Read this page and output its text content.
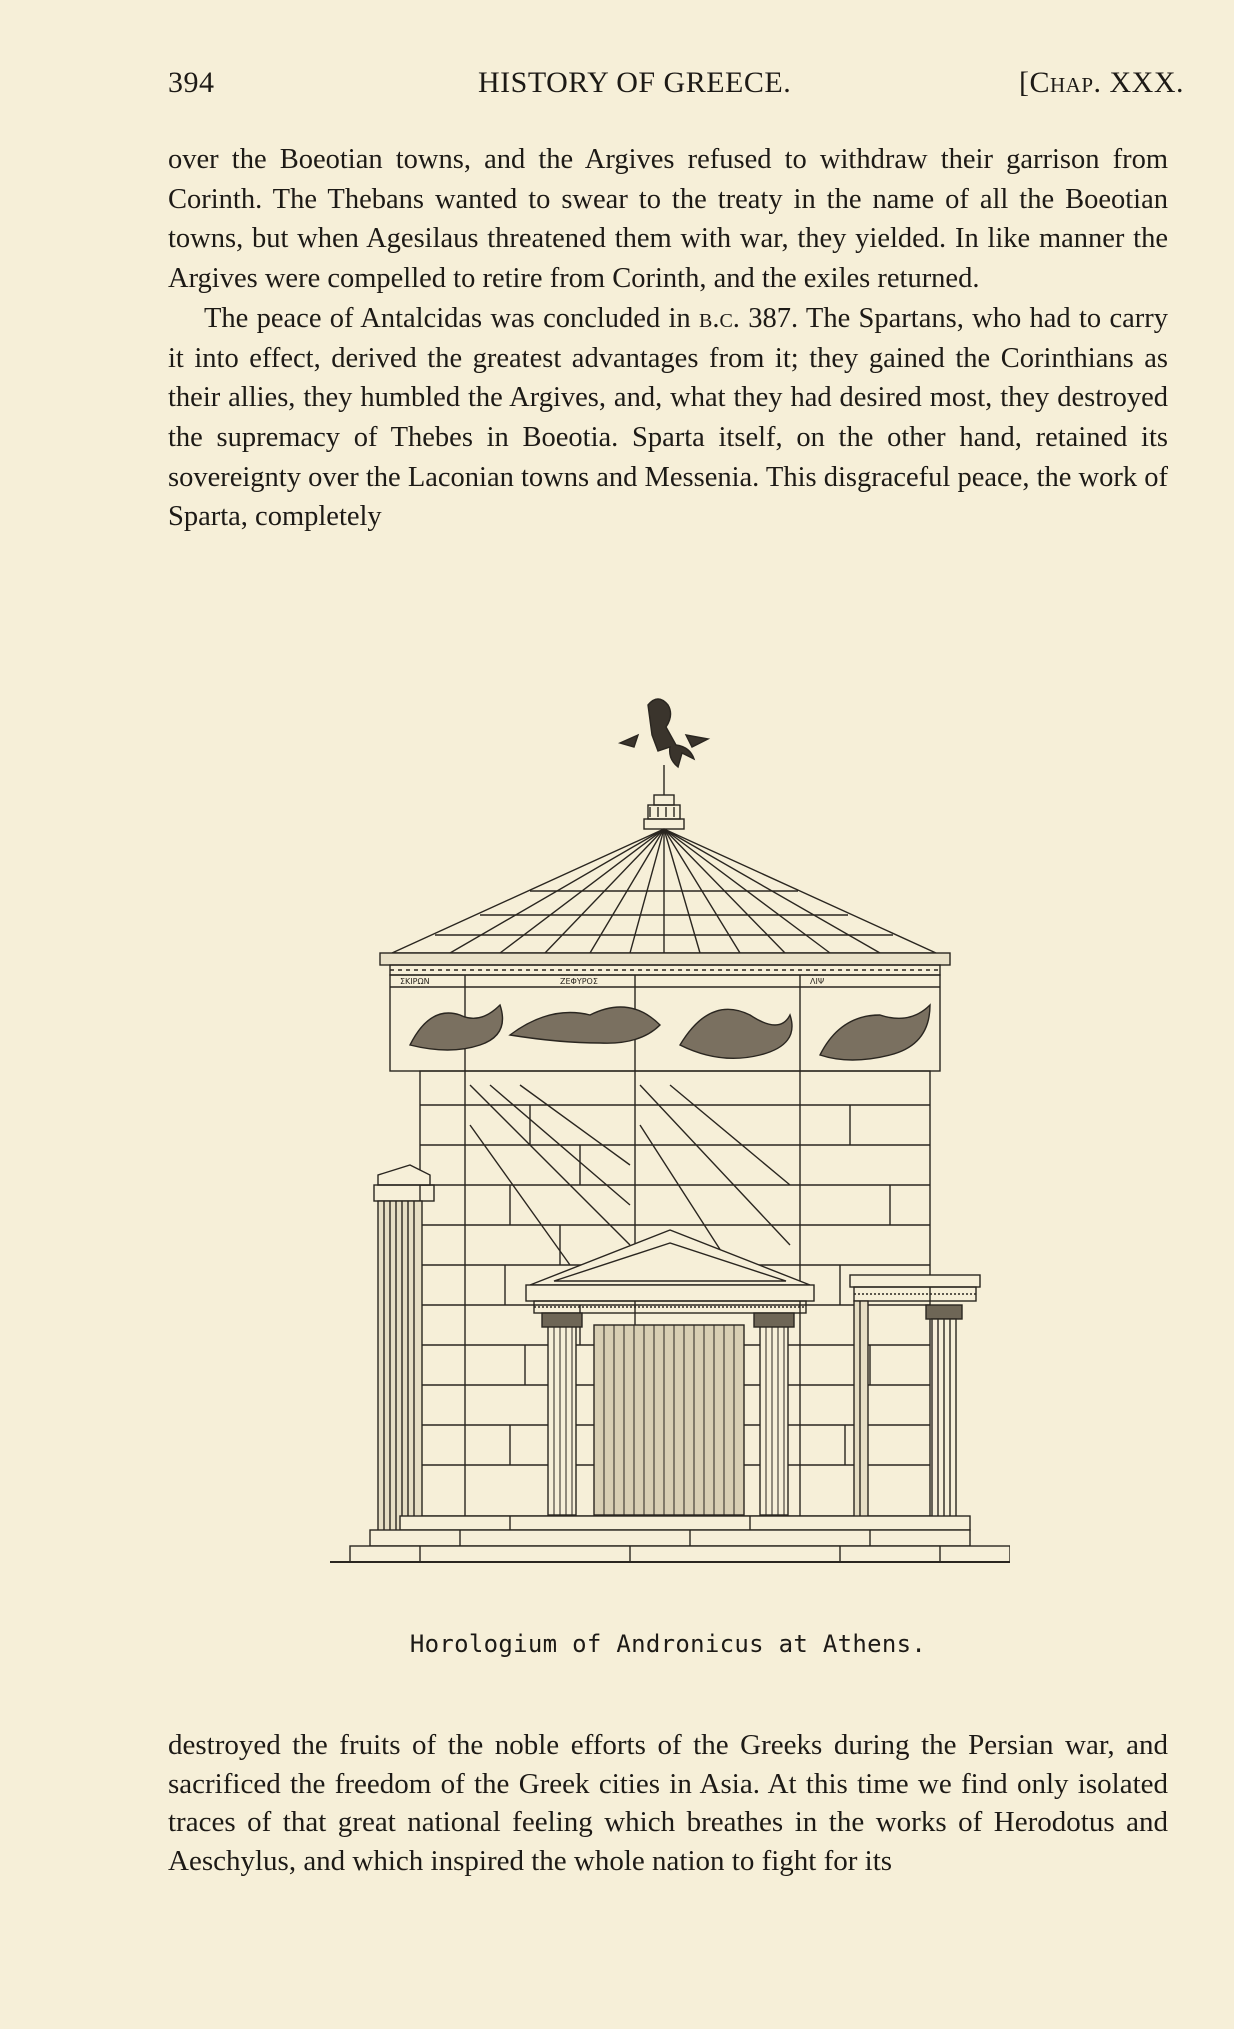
394	HISTORY OF GREECE.	[Chap. XXX.

over the Boeotian towns, and the Argives refused to withdraw their garrison from Corinth. The Thebans wanted to swear to the treaty in the name of all the Boeotian towns, but when Agesilaus threatened them with war, they yielded. In like manner the Argives were compelled to retire from Corinth, and the exiles returned.

The peace of Antalcidas was concluded in b.c. 387. The Spartans, who had to carry it into effect, derived the greatest advantages from it; they gained the Corinthians as their allies, they humbled the Argives, and, what they had desired most, they destroyed the supremacy of Thebes in Boeotia. Sparta itself, on the other hand, retained its sovereignty over the Laconian towns and Messenia. This disgraceful peace, the work of Sparta, completely

ΣΚΙΡΩΝ	ΖΕΦΥΡΟΣ	ΛΙΨ
Horologium of Andronicus at Athens.

destroyed the fruits of the noble efforts of the Greeks during the Persian war, and sacrificed the freedom of the Greek cities in Asia. At this time we find only isolated traces of that great national feeling which breathes in the works of Herodotus and Aeschylus, and which inspired the whole nation to fight for its
